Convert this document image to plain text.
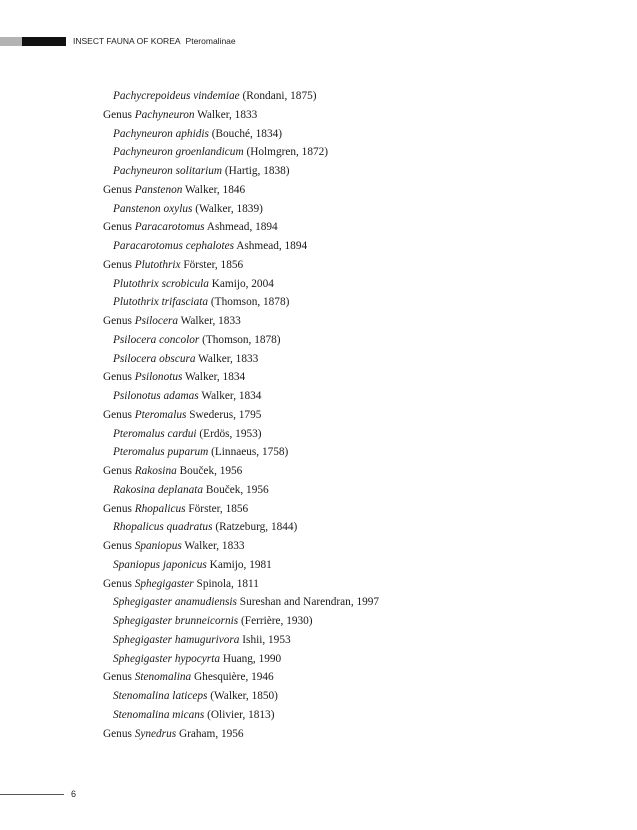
INSECT FAUNA OF KOREA Pteromalinae
Pachycrepoideus vindemiae (Rondani, 1875)
Genus Pachyneuron Walker, 1833
Pachyneuron aphidis (Bouché, 1834)
Pachyneuron groenlandicum (Holmgren, 1872)
Pachyneuron solitarium (Hartig, 1838)
Genus Panstenon Walker, 1846
Panstenon oxylus (Walker, 1839)
Genus Paracarotomus Ashmead, 1894
Paracarotomus cephalotes Ashmead, 1894
Genus Plutothrix Förster, 1856
Plutothrix scrobicula Kamijo, 2004
Plutothrix trifasciata (Thomson, 1878)
Genus Psilocera Walker, 1833
Psilocera concolor (Thomson, 1878)
Psilocera obscura Walker, 1833
Genus Psilonotus Walker, 1834
Psilonotus adamas Walker, 1834
Genus Pteromalus Swederus, 1795
Pteromalus cardui (Erdös, 1953)
Pteromalus puparum (Linnaeus, 1758)
Genus Rakosina Bouček, 1956
Rakosina deplanata Bouček, 1956
Genus Rhopalicus Förster, 1856
Rhopalicus quadratus (Ratzeburg, 1844)
Genus Spaniopus Walker, 1833
Spaniopus japonicus Kamijo, 1981
Genus Sphegigaster Spinola, 1811
Sphegigaster anamudiensis Sureshan and Narendran, 1997
Sphegigaster brunneicornis (Ferrière, 1930)
Sphegigaster hamugurivora Ishii, 1953
Sphegigaster hypocyrta Huang, 1990
Genus Stenomalina Ghesquière, 1946
Stenomalina laticeps (Walker, 1850)
Stenomalina micans (Olivier, 1813)
Genus Synedrus Graham, 1956
6
